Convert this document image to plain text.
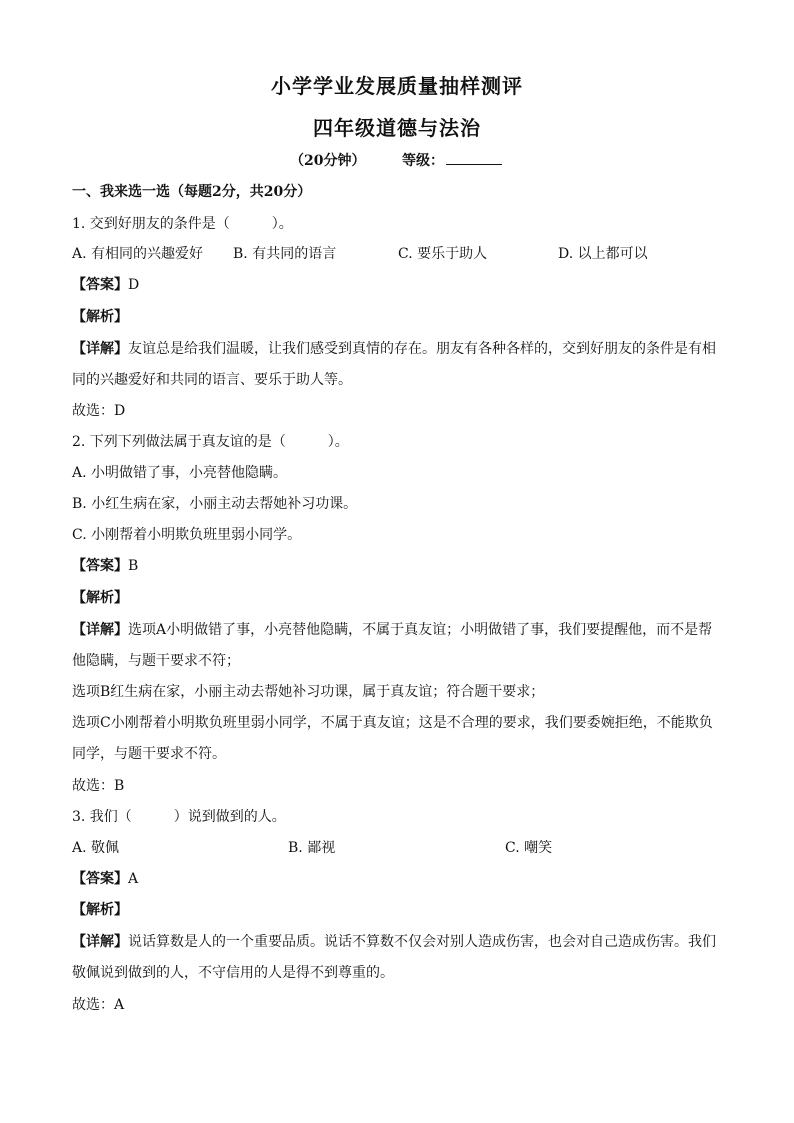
小学学业发展质量抽样测评
四年级道德与法治
（20分钟）	等级：
一、我来选一选（每题2分，共20分）
1. 交到好朋友的条件是（　　　）。
A. 有相同的兴趣爱好 B. 有共同的语言	C. 要乐于助人	D. 以上都可以
【答案】D
【解析】
【详解】友谊总是给我们温暖，让我们感受到真情的存在。朋友有各种各样的，交到好朋友的条件是有相
同的兴趣爱好和共同的语言、要乐于助人等。
故选：D
2. 下列下列做法属于真友谊的是（　　　）。
A. 小明做错了事，小亮替他隐瞒。
B. 小红生病在家，小丽主动去帮她补习功课。
C. 小刚帮着小明欺负班里弱小同学。
【答案】B
【解析】
【详解】选项A小明做错了事，小亮替他隐瞒，不属于真友谊；小明做错了事，我们要提醒他，而不是帮
他隐瞒，与题干要求不符；
选项B红生病在家，小丽主动去帮她补习功课，属于真友谊；符合题干要求；
选项C小刚帮着小明欺负班里弱小同学，不属于真友谊；这是不合理的要求，我们要委婉拒绝，不能欺负
同学，与题干要求不符。
故选：B
3. 我们（　　　）说到做到的人。
A. 敬佩	B. 鄙视	C. 嘲笑
【答案】A
【解析】
【详解】说话算数是人的一个重要品质。说话不算数不仅会对别人造成伤害，也会对自己造成伤害。我们
敬佩说到做到的人，不守信用的人是得不到尊重的。
故选：A
